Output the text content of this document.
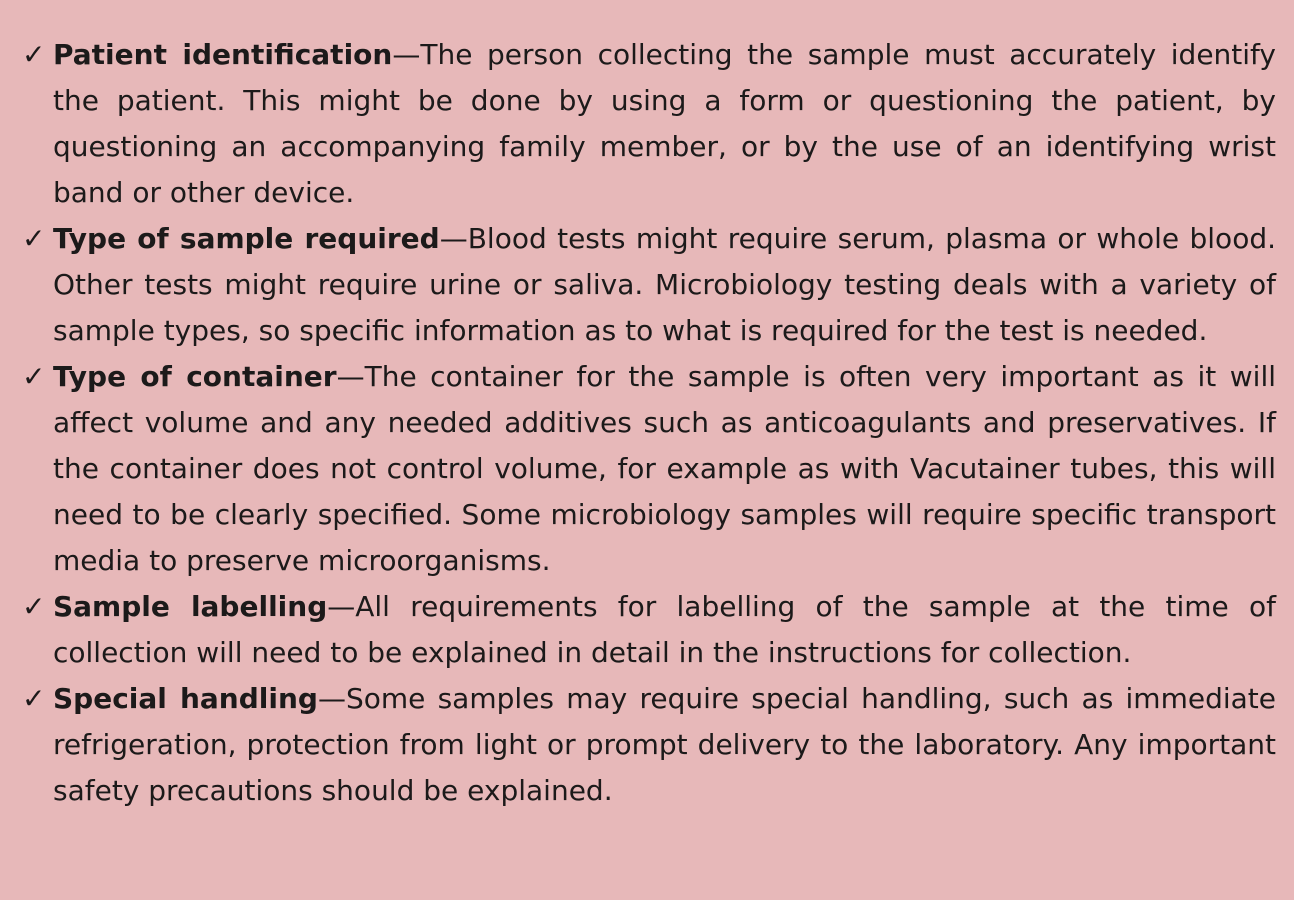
✓ Patient identification—The person collecting the sample must accurately identify the patient. This might be done by using a form or questioning the patient, by questioning an accompanying family member, or by the use of an identifying wrist band or other device.
✓ Type of sample required—Blood tests might require serum, plasma or whole blood. Other tests might require urine or saliva. Microbiology testing deals with a variety of sample types, so specific information as to what is required for the test is needed.
✓ Type of container—The container for the sample is often very important as it will affect volume and any needed additives such as anticoagulants and preservatives. If the container does not control volume, for example as with Vacutainer tubes, this will need to be clearly specified. Some microbiology samples will require specific transport media to preserve microorganisms.
✓ Sample labelling—All requirements for labelling of the sample at the time of collection will need to be explained in detail in the instructions for collection.
✓ Special handling—Some samples may require special handling, such as immediate refrigeration, protection from light or prompt delivery to the laboratory. Any important safety precautions should be explained.
